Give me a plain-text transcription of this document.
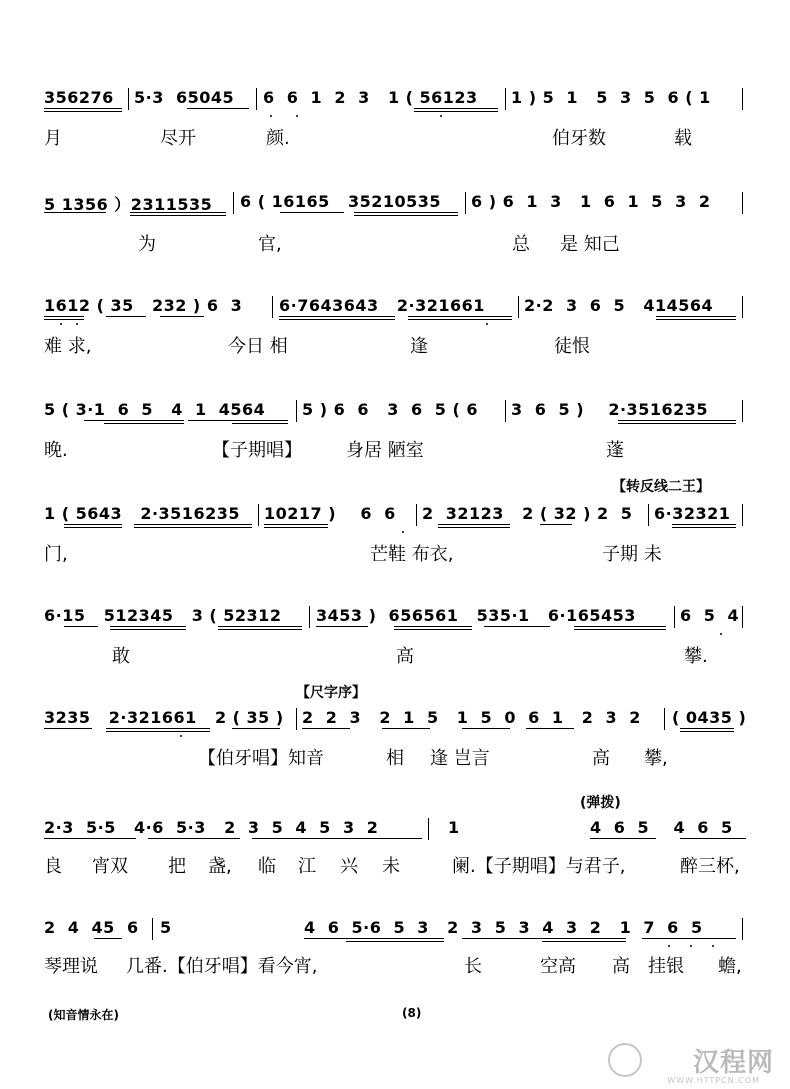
356276 5·3  65045 6  6  1  2  3   1 ( 56123 1 ) 5  1   5  3  5  6 ( 1
月	尽开	颜.	伯牙数	载
5 1356 ）2311535 6 ( 16165   35210535 6 ) 6  1  3   1  6  1  5  3  2
为	官,	总 是 知己
1612 ( 35   232 ) 6  3 6·7643643   2·321661 2·2  3  6  5   414564
难 求,	今日 相	逢	徒恨
5 ( 3·1  6  5   4  1  4564 5 ) 6  6   3  6  5 ( 6 3  6  5 )    2·3516235
晚.	【子期唱】 身居 陋室	蓬
【转反线二王】
1 ( 5643   2·3516235 10217 )    6  6 2  32123   2 ( 32 ) 2  5 6·32321
门,	芒鞋 布衣,	子期 未
6·15   512345   3 ( 52312 3453 )  656561   535·1   6·165453	6  5  4
敢	高	攀.
【尺字序】
3235   2·321661   2 ( 35 ) 2  2  3   2  1  5   1  5  0  6  1   2  3  2 ( 0435 )
【伯牙唱】知音	相 逢 岂言	高 攀,
(弹拨)
2·3  5·5   4·6  5·3   2  3  5  4  5  3  2	1	4  6  5    4  6  5
良 宵双 把 盏, 临 江 兴 未	阑.【子期唱】与君子,	醉三杯,
2  4  45  6 5	4  6  5·6  5  3   2  3  5  3  4  3  2   1  7  6  5
琴理说 几番.【伯牙唱】看今宵,	长	空高 高 挂银 蟾,
(知音情永在)	(8)
汉程网
WWW.HTTPCN.COM
